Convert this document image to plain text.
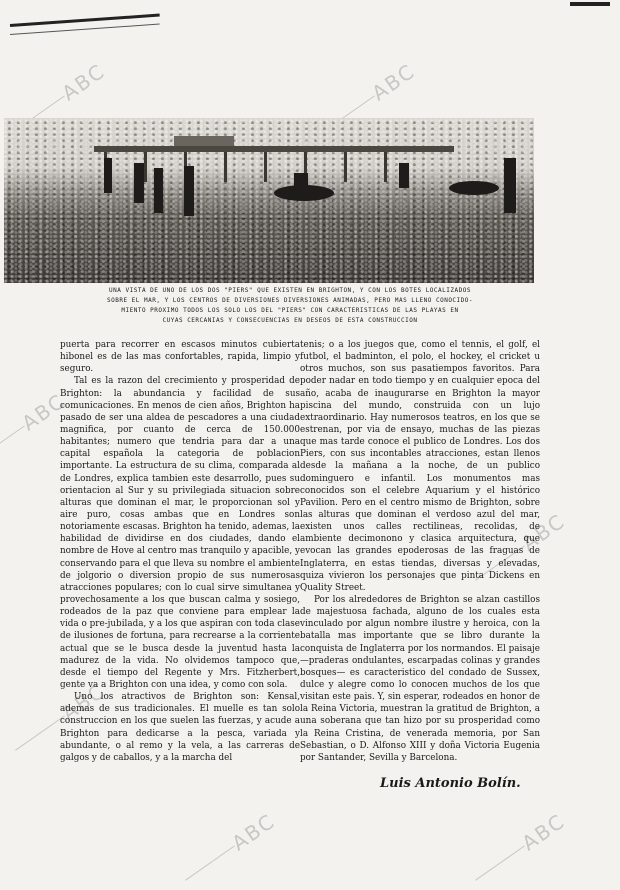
ABC	ABC
ABC
ABC
ABC
ABC	ABC
UNA VISTA DE UNO DE LOS DOS "PIERS" QUE EXISTEN EN BRIGHTON, Y CON LOS BOTES LOCALIZADOS
SOBRE EL MAR, Y LOS CENTROS DE DIVERSIONES DIVERSIONES ANIMADAS, PERO MAS LLENO CONOCIDO-
MIENTO PROXIMO TODOS LOS SOLO LOS DEL "PIERS" CON CARACTERISTICAS DE LAS PLAYAS EN
CUYAS CERCANIAS Y CONSECUENCIAS EN DESEOS DE ESTA CONSTRUCCION

puerta para recorrer en escasos minutos cubierta hibonel es de las mas confortables, rapida, limpio y seguro.

Tal es la razon del crecimiento y prosperidad de Brighton: la abundancia y facilidad de sus comunicaciones. En menos de cien años, Brighton ha pasado de ser una aldea de pescadores a una ciudad magnifica, por cuanto de cerca de 150.000 habitantes; numero que tendria para dar a una capital española la categoria de poblacion importante. La estructura de su clima, comparada al de Londres, explica tambien este desarrollo, pues su orientacion al Sur y su privilegiada situacion sobre alturas que dominan el mar, le proporcionan sol y aire puro, cosas ambas que en Londres son notoriamente escasas. Brighton ha tenido, ademas, la habilidad de dividirse en dos ciudades, dando el nombre de Hove al centro mas tranquilo y apacible, y conservando para el que lleva su nombre el ambiente de jolgorio o diversion propio de sus numerosas atracciones populares; con lo cual sirve simultanea y provechosamente a los que buscan calma y sosiego, rodeados de la paz que conviene para emplear la vida o pre-jubilada, y a los que aspiran con toda clase de ilusiones de fortuna, para recrearse a la corriente actual que se le busca desde la juventud hasta la madurez de la vida. No olvidemos tampoco que, desde el tiempo del Regente y Mrs. Fitzherbert, gente va a Brighton con una idea, y como con sola.

Uno los atractivos de Brighton son: Kensal, ademas de sus tradicionales. El muelle es tan solo construccion en los que suelen las fuerzas, y acude a Brighton para dedicarse a la pesca, variada y abundante, o al remo y la vela, a las carreras de galgos y de caballos, y a la marcha del

tenis; o a los juegos que, como el tennis, el golf, el futbol, el badminton, el polo, el hockey, el cricket u otros muchos, son sus pasatiempos favoritos. Para poder nadar en todo tiempo y en cualquier epoca del año, acaba de inaugurarse en Brighton la mayor piscina del mundo, construida con un lujo extraordinario. Hay numerosos teatros, en los que se estrenan, por via de ensayo, muchas de las piezas que mas tarde conoce el publico de Londres. Los dos Piers, con sus incontables atracciones, estan llenos desde la mañana a la noche, de un publico dominguero e infantil. Los monumentos mas conocidos son el celebre Aquarium y el histórico Pavilion. Pero en el centro mismo de Brighton, sobre las alturas que dominan el verdoso azul del mar, existen unos calles rectilineas, recolidas, de ambiente decimonono y clasica arquitectura, que evocan las grandes epoderosas de las fraguas de Inglaterra, en estas tiendas, diversas y elevadas, quiza vivieron los personajes que pinta Dickens en Quality Street.

Por los alrededores de Brighton se alzan castillos de majestuosa fachada, alguno de los cuales esta vinculado por algun nombre ilustre y heroica, con la batalla mas importante que se libro durante la conquista de Inglaterra por los normandos. El paisaje —praderas ondulantes, escarpadas colinas y grandes bosques— es caracteristico del condado de Sussex, dulce y alegre como lo conocen muchos de los que visitan este pais. Y, sin esperar, rodeados en honor de la Reina Victoria, muestran la gratitud de Brighton, a una soberana que tan hizo por su prosperidad como la Reina Cristina, de venerada memoria, por San Sebastian, o D. Alfonso XIII y doña Victoria Eugenia por Santander, Sevilla y Barcelona.

Luis Antonio Bolín.
